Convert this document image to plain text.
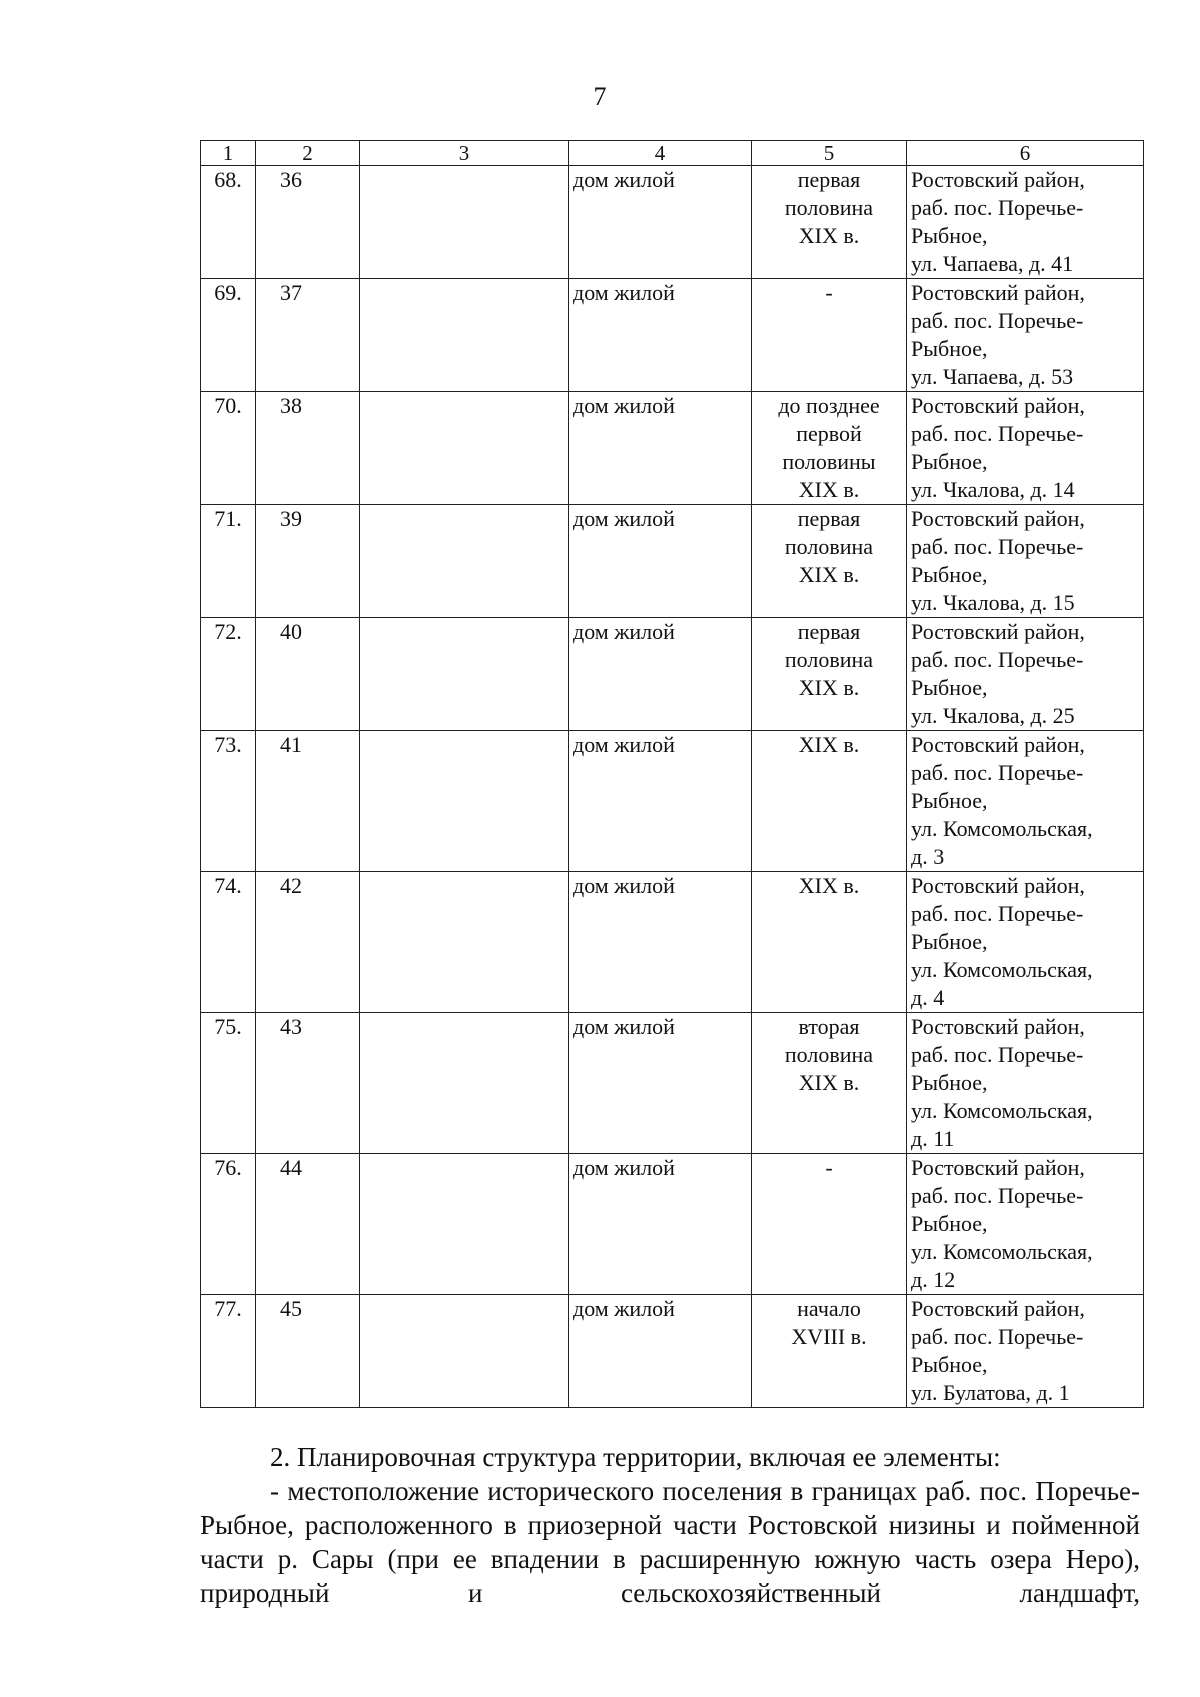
7
1	2	3	4	5	6
68.	36		дом жилой	первая
половина
XIX в.	Ростовский район,
раб. пос. Поречье-
Рыбное,
ул. Чапаева, д. 41

69.	37		дом жилой	-	Ростовский район,
раб. пос. Поречье-
Рыбное,
ул. Чапаева, д. 53

70.	38		дом жилой	до позднее
первой
половины
XIX в.	Ростовский район,
раб. пос. Поречье-
Рыбное,
ул. Чкалова, д. 14

71.	39		дом жилой	первая
половина
XIX в.	Ростовский район,
раб. пос. Поречье-
Рыбное,
ул. Чкалова, д. 15

72.	40		дом жилой	первая
половина
XIX в.	Ростовский район,
раб. пос. Поречье-
Рыбное,
ул. Чкалова, д. 25

73.	41		дом жилой	XIX в.	Ростовский район,
раб. пос. Поречье-
Рыбное,
ул. Комсомольская,
д. 3

74.	42		дом жилой	XIX в.	Ростовский район,
раб. пос. Поречье-
Рыбное,
ул. Комсомольская,
д. 4

75.	43		дом жилой	вторая
половина
XIX в.	Ростовский район,
раб. пос. Поречье-
Рыбное,
ул. Комсомольская,
д. 11

76.	44		дом жилой	-	Ростовский район,
раб. пос. Поречье-
Рыбное,
ул. Комсомольская,
д. 12

77.	45		дом жилой	начало
XVIII в.	Ростовский район,
раб. пос. Поречье-
Рыбное,
ул. Булатова, д. 1

2. Планировочная структура территории, включая ее элементы:

- местоположение исторического поселения в границах раб. пос. Поречье-Рыбное, расположенного в приозерной части Ростовской низины и пойменной части р. Сары (при ее впадении в расширенную южную часть озера Неро), природный и сельскохозяйственный ландшафт,
